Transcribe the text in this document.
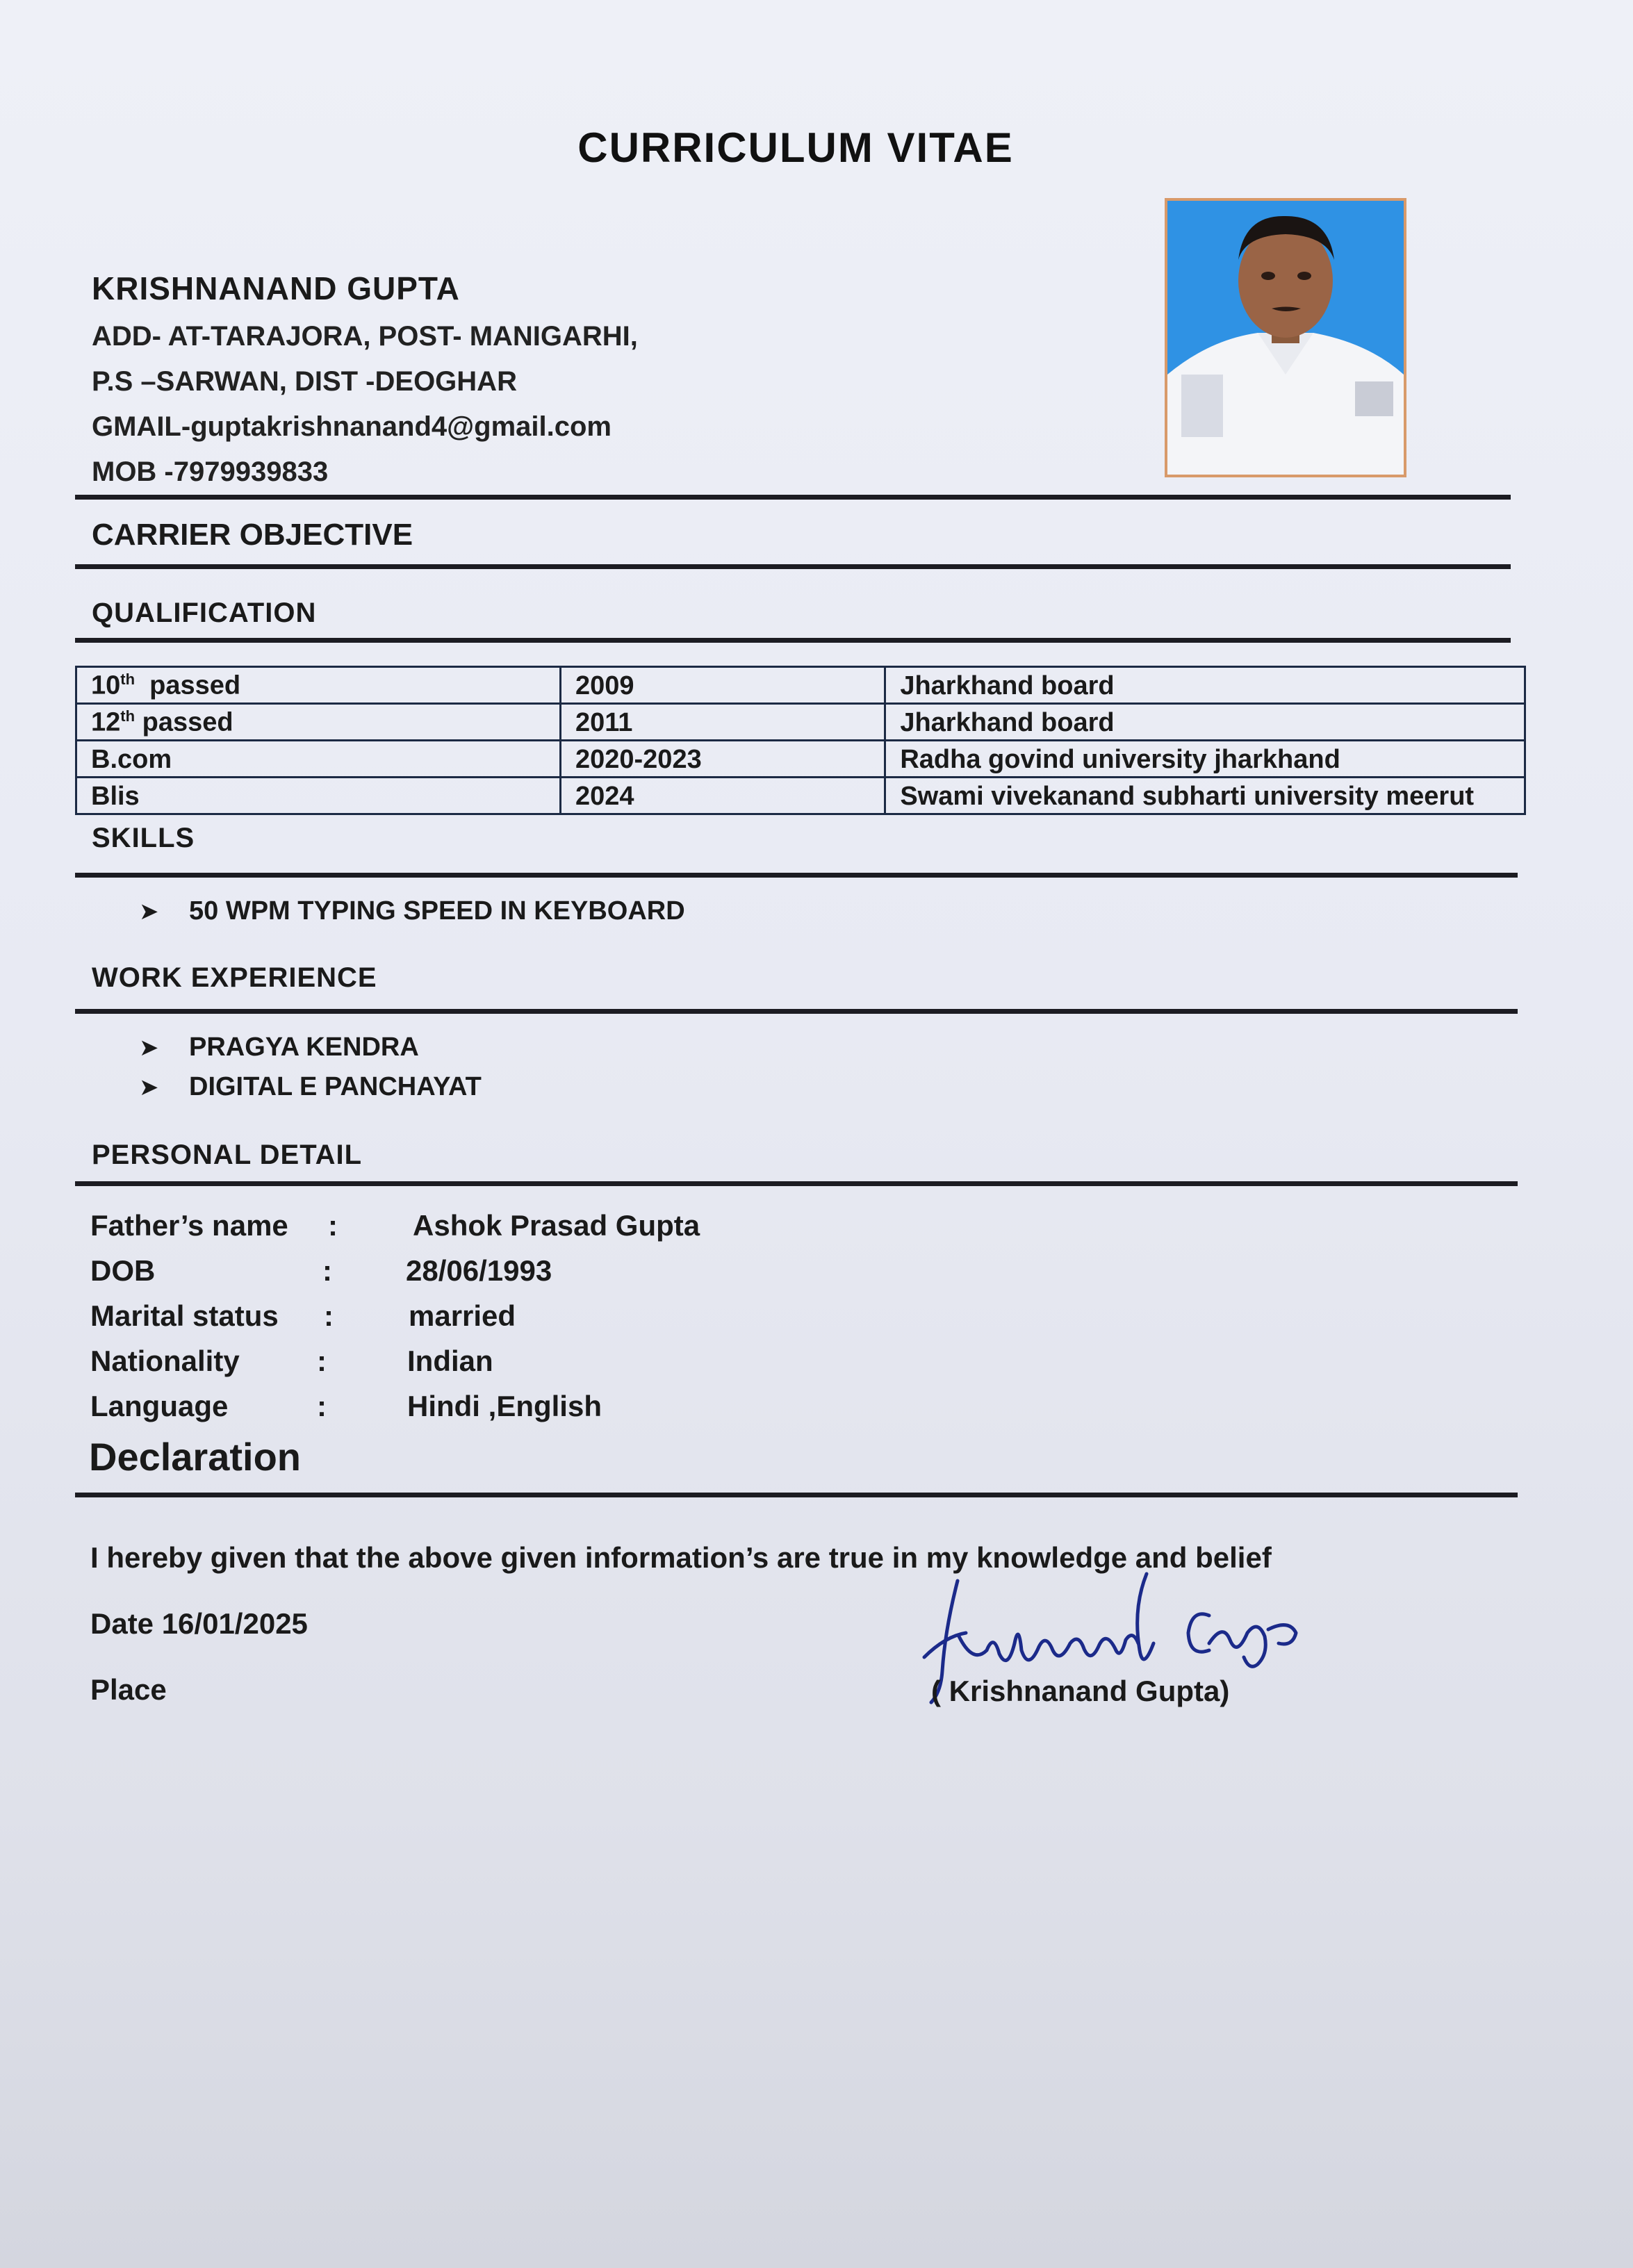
CURRICULUM VITAE
KRISHNANAND GUPTA
ADD- AT-TARAJORA, POST- MANIGARHI,
P.S –SARWAN, DIST -DEOGHAR
GMAIL-guptakrishnanand4@gmail.com
MOB -7979939833
CARRIER OBJECTIVE
QUALIFICATION
10th  passed	2009	Jharkhand board
12th passed	2011	Jharkhand board
B.com	2020-2023	Radha govind university jharkhand
Blis	2024	Swami vivekanand subharti university meerut
SKILLS
➤ 50 WPM TYPING SPEED IN KEYBOARD
WORK EXPERIENCE
➤ PRAGYA KENDRA
➤ DIGITAL E PANCHAYAT
PERSONAL DETAIL
Father’s name :	Ashok Prasad Gupta
DOB	:	28/06/1993
Marital status :	married
Nationality	:	Indian
Language	:	Hindi ,English
Declaration
I hereby given that the above given information’s are true in my knowledge and belief
Date 16/01/2025
Place	( Krishnanand Gupta)
